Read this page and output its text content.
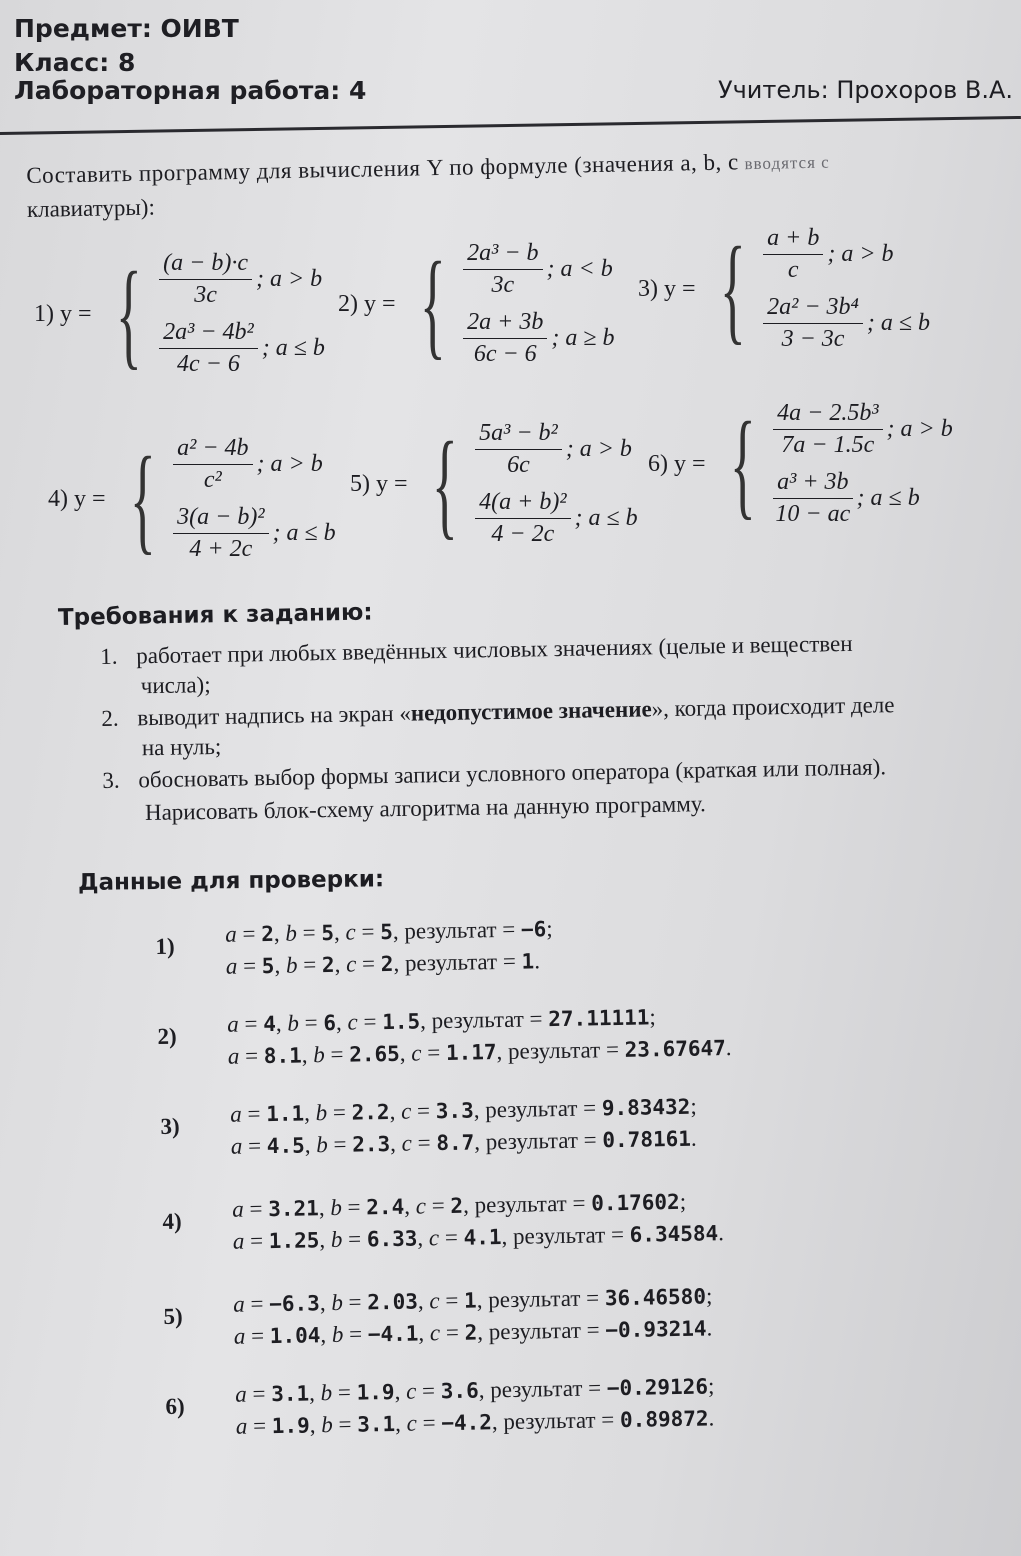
Предмет: ОИВТ
Класс: 8
Лабораторная работа: 4	Учитель: Прохоров В.А.
Составить программу для вычисления Y по формуле (значения a, b, c вводятся с
клавиатуры):
1) y = { $\frac{(a - b)\cdot c}{3c}$ ; a > b
$\frac{\text{2a³ − 4b²}}{4c - 6}$ ; a ≤ b
2) y = { $\frac{\text{2a³ − b}}{3c}$ ; a < b
$\frac{2a + 3b}{6c - 6}$ ; a ≥ b
3) y = { $\frac{a + b}{c}$ ; a > b
$\frac{\text{2a² − 3b⁴}}{3 - 3c}$ ; a ≤ b
4) y = { $\frac{\text{a² − 4b}}{\text{c²}}$ ; a > b
$\frac{\text{3(a − b)²}}{4 + 2c}$ ; a ≤ b
5) y = { $\frac{\text{5a³ − b²}}{6c}$ ; a > b
$\frac{\text{4(a + b)²}}{4 - 2c}$ ; a ≤ b
6) y = { $\frac{\text{4a − 2.5b³}}{7a - 1.5c}$ ; a > b
$\frac{\text{a³ + 3b}}{10 - ac}$ ; a ≤ b
Требования к заданию:
1. работает при любых введённых числовых значениях (целые и веществен
числа);
2. выводит надпись на экран «недопустимое значение», когда происходит деле
на нуль;
3. обосновать выбор формы записи условного оператора (краткая или полная).
Нарисовать блок-схему алгоритма на данную программу.
Данные для проверки:
1) a = 2, b = 5, c = 5, результат = −6;
a = 5, b = 2, c = 2, результат = 1.
2) a = 4, b = 6, c = 1.5, результат = 27.11111;
a = 8.1, b = 2.65, c = 1.17, результат = 23.67647.
3) a = 1.1, b = 2.2, c = 3.3, результат = 9.83432;
a = 4.5, b = 2.3, c = 8.7, результат = 0.78161.
4) a = 3.21, b = 2.4, c = 2, результат = 0.17602;
a = 1.25, b = 6.33, c = 4.1, результат = 6.34584.
5) a = −6.3, b = 2.03, c = 1, результат = 36.46580;
a = 1.04, b = −4.1, c = 2, результат = −0.93214.
6) a = 3.1, b = 1.9, c = 3.6, результат = −0.29126;
a = 1.9, b = 3.1, c = −4.2, результат = 0.89872.
